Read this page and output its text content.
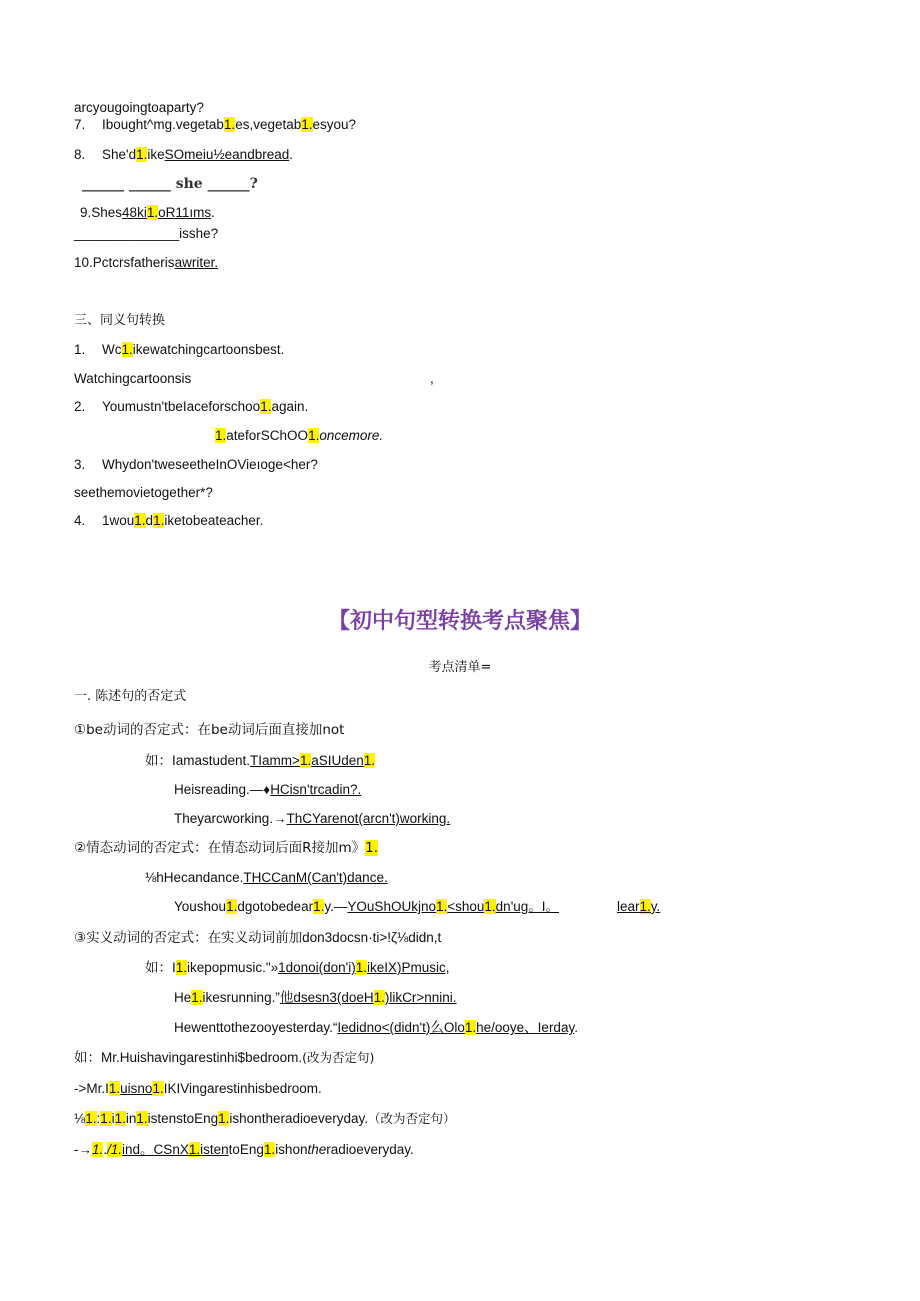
arcyougoingtoaparty?
7. Ibought^mg.vegetab1.es,vegetab1.esyou?
8. She'd1.ikeSOmeiu½eandbread.
______ ______ she ______?
9.Shes48ki1.oR11ıms.
______________isshe?
10.Pctcrsfatherisawriter.
三、同义句转换
1. Wc1.ikewatchingcartoonsbest.
Watchingcartoonsis	,
2. Youmustn'tbeIaceforschoo1.again.
1.ateforSChOO1.oncemore.
3. Whydon'tweseetheInOVieıoge<her?
seethemovietogether*?
4. 1wou1.d1.iketobeateacher.
【初中句型转换考点聚焦】
考点清单=
一. 陈述句的否定式
①be动词的否定式：在be动词后面直接加not
如：Iamastudent.TIamm>1.aSIUden1.
Heisreading.—♦HCisn'trcadin?.
Theyarcworking.→ThCYarenot(arcn't)working.
②情态动词的否定式：在情态动词后面R接加m》1.
⅛hHecandance.THCCanM(Can't)dance.
Youshou1.dgotobedear1.y.—YOuShOUkjno1.<shou1.dn'ug。I。	lear1.y.
③实义动词的否定式：在实义动词前加don3docsn·ti>!ζ⅛didn,t
如：I1.ikepopmusic."»1donoi(don'i)1.ikeIX)Pmusic,
He1.ikesrunning.”他dsesn3(doeH1.)likCr>nnini.
Hewenttothezooyesterday.“Iedidno<(didn't)么Olo1.he/ooye、Ierday.
如：Mr.Huishavingarestinhi$bedroom.(改为否定句)
->Mr.I1.uisno1.IKIVingarestinhisbedroom.
⅛1.:1.i1.in1.istenstoEng1.ishontheradioeveryday.（改为否定句）
-→1../1.ind。CSnX1.istentoEng1.ishontheradioeveryday.
